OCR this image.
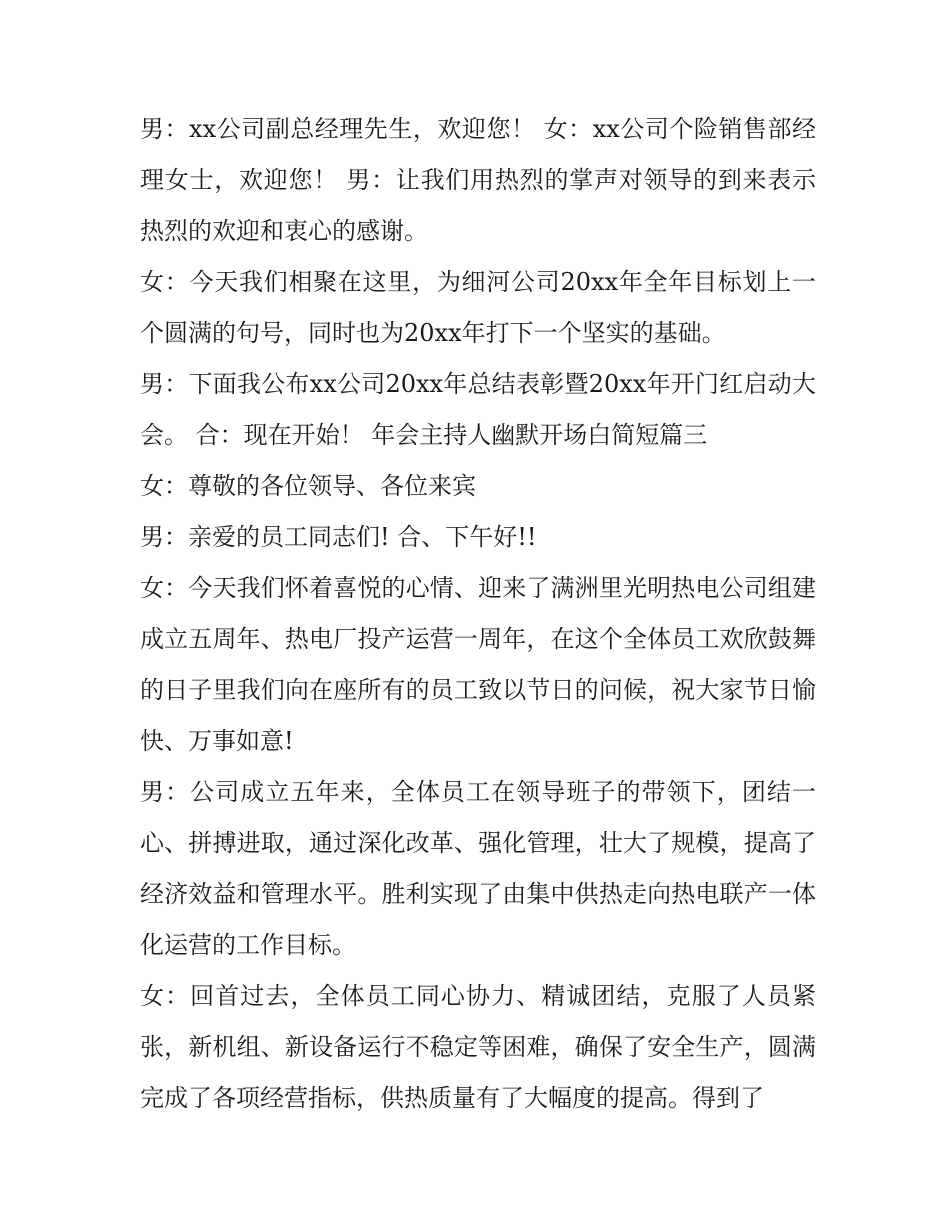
男：xx公司副总经理先生，欢迎您！ 女：xx公司个险销售部经理女士，欢迎您！ 男：让我们用热烈的掌声对领导的到来表示热烈的欢迎和衷心的感谢。

女：今天我们相聚在这里，为细河公司20xx年全年目标划上一个圆满的句号，同时也为20xx年打下一个坚实的基础。

男：下面我公布xx公司20xx年总结表彰暨20xx年开门红启动大会。 合：现在开始！ 年会主持人幽默开场白简短篇三

女：尊敬的各位领导、各位来宾

男：亲爱的员工同志们! 合、下午好!!

女：今天我们怀着喜悦的心情、迎来了满洲里光明热电公司组建成立五周年、热电厂投产运营一周年，在这个全体员工欢欣鼓舞的日子里我们向在座所有的员工致以节日的问候，祝大家节日愉快、万事如意!

男：公司成立五年来，全体员工在领导班子的带领下，团结一心、拼搏进取，通过深化改革、强化管理，壮大了规模，提高了经济效益和管理水平。胜利实现了由集中供热走向热电联产一体化运营的工作目标。

女：回首过去，全体员工同心协力、精诚团结，克服了人员紧张，新机组、新设备运行不稳定等困难，确保了安全生产，圆满完成了各项经营指标，供热质量有了大幅度的提高。得到了
